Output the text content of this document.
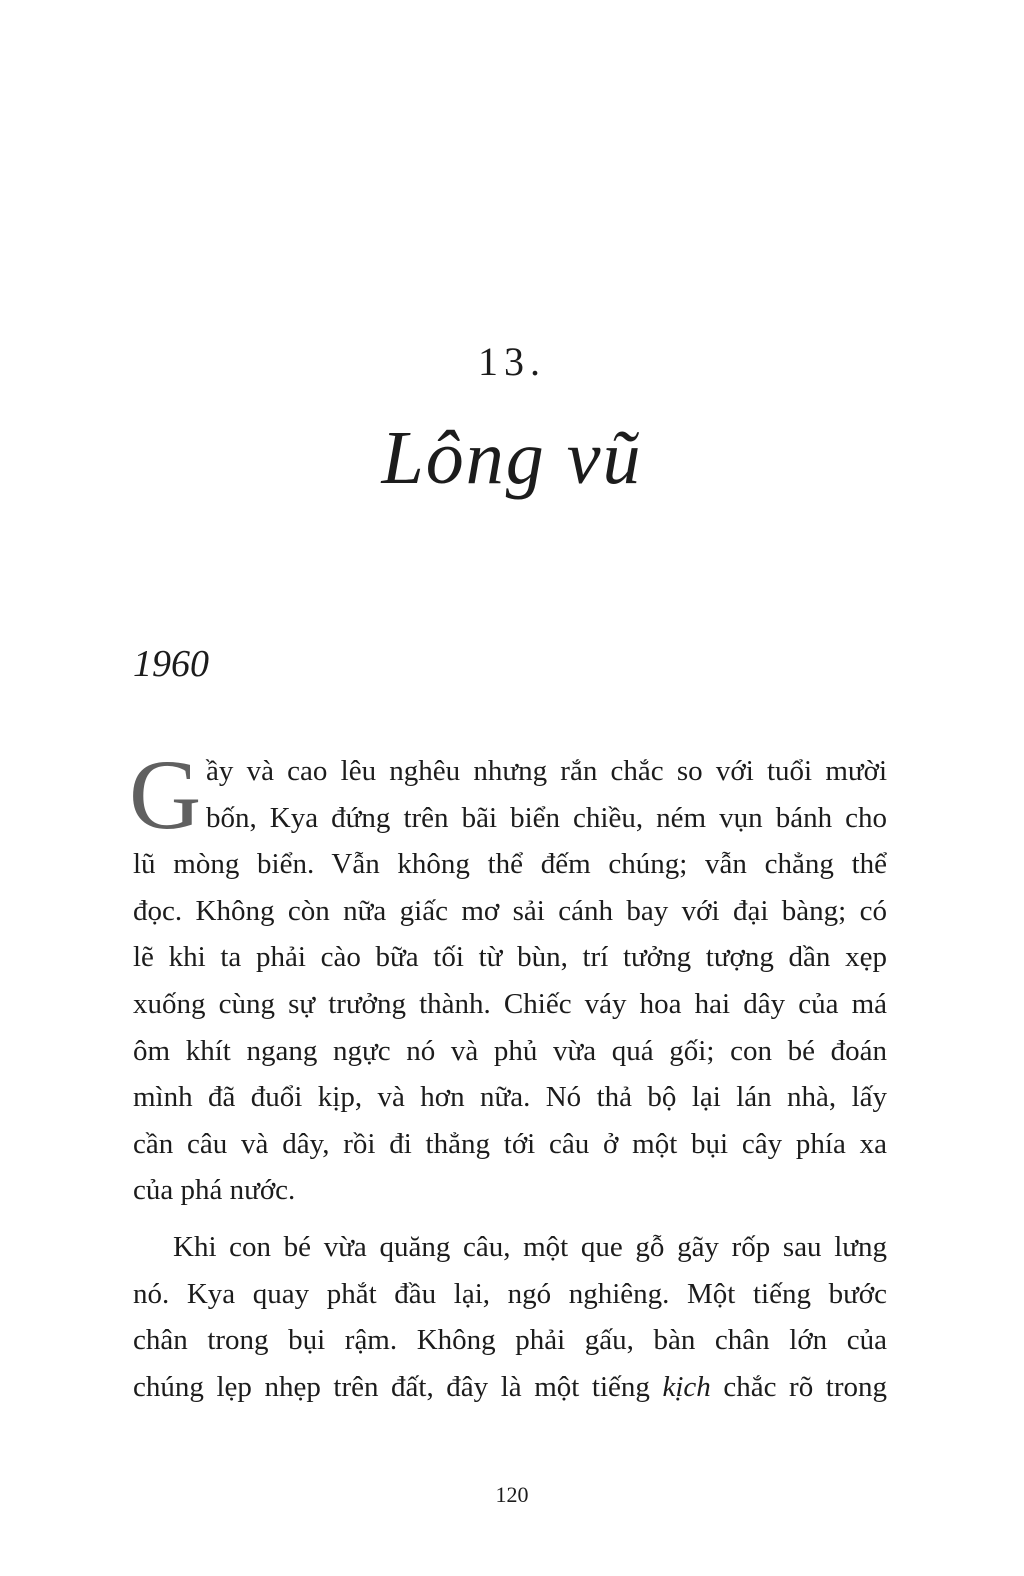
13.
Lông vũ
1960
G ầy và cao lêu nghêu nhưng rắn chắc so với tuổi mười
bốn, Kya đứng trên bãi biển chiều, ném vụn bánh cho
lũ mòng biển. Vẫn không thể đếm chúng; vẫn chẳng thể
đọc. Không còn nữa giấc mơ sải cánh bay với đại bàng; có
lẽ khi ta phải cào bữa tối từ bùn, trí tưởng tượng dần xẹp
xuống cùng sự trưởng thành. Chiếc váy hoa hai dây của má
ôm khít ngang ngực nó và phủ vừa quá gối; con bé đoán
mình đã đuổi kịp, và hơn nữa. Nó thả bộ lại lán nhà, lấy
cần câu và dây, rồi đi thẳng tới câu ở một bụi cây phía xa
của phá nước.
Khi con bé vừa quăng câu, một que gỗ gãy rốp sau lưng
nó. Kya quay phắt đầu lại, ngó nghiêng. Một tiếng bước
chân trong bụi rậm. Không phải gấu, bàn chân lớn của
chúng lẹp nhẹp trên đất, đây là một tiếng kịch chắc rõ trong
120
